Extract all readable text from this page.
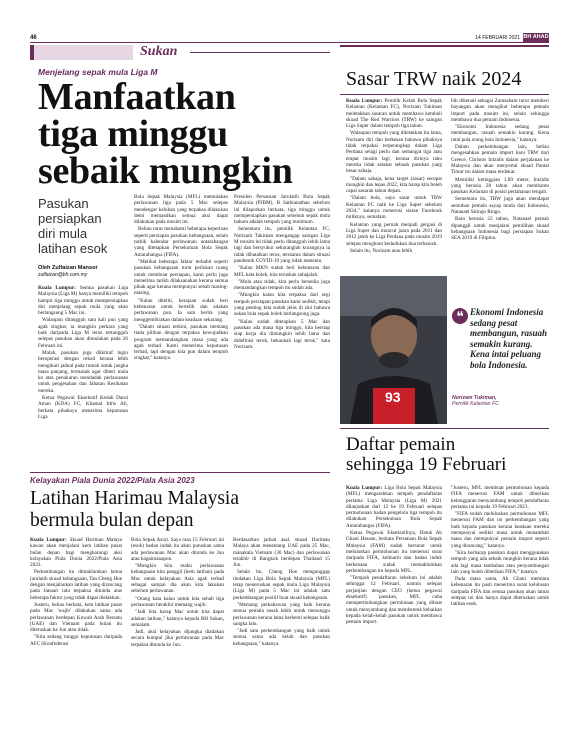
46	14 FEBRUARI 2021 BH AHAD
Sukan
Menjelang sepak mula Liga M
Manfaatkan
tiga minggu
sebaik mungkin
Pasukan
persiapkan
diri mula
latihan esok
Oleh Zulfaizan Mansor
zulfaizan@bh.com.my

Kuala Lumpur: Semua pasukan Liga Malaysia (Liga M) hanya memiliki tempoh hampir tiga minggu untuk mempersiapkan diri menjelang sepak mula yang akan berlangsung 5 Mac ini.

Walaupun ditangguh satu kali pun yang agak singkat, ia mungkin perkara yang baik daripada Liga M terus tertangguh selepas pasukan akan dimulakan pada 26 Februari ini.

Malah, pasukan juga diiktiraf ingin beroperasi dengan rekod kerana lebih mengikuti jadual pada rumah untuk jangka masa panjang, termasuk agar diberi mula ke atas penukaran mendadak perlawanan untuk pengesahan dan Jabatan Kesihatan mereka.

Ketua Pegawai Eksekutif Kedah Darul Aman (KDA) FC, Khamal Idris Ali, berkata pihaknya menerima keputusan Liga

Bola Sepak Malaysia (MFL) memulakan perlawanan liga pada 5 Mac selepas mendengar keluhan yang terpaksa dilakukan demi memastikan semua aksi dapat dilakukan pada musim ini.

Beliau turut menahami beberapa keperluan seperti persiapan pasukan kebangsaan, selain turkik kalendar perlawanan antarabangsa yang ditetapkan Persekutuan Bola Sepak Antarabangsa (FIFA).

"Melihat beberapa faktor terbabit seperti pasukan kebangsaan turut perlukan ruang untuk membuat persiapan, kami perlu juga menerima tarikh dilaksanakan kerana semua pihak agar kerana mempunyai sebab masing-masing.

"Kalau diteliti, kerajaan sudah beri kebenaran untuk bertelih dan adakan perlawanan pun. Ia satu berita yang menggembirakan dalam keadaan sekarang.

"Dalam situasi terkini, pasukan memang tiada pilihan dengan terpaksa kewujudkan program memandangkan masa yang ada agak terhad. Kami menerima keputusan terhad, tapi dengan kita pun dalam tempoh singkat," katanya.

Presiden Persatuan Jurulatih Bola Sepak Malaysia (PJBM), B Sathianathan sebelum ini dilaporkan berkata, tiga minggu untuk mempersiapkan pasukan sebelum sepak mula baharu adalah tempoh yang minimum.

Sementara itu, pemilik Kelantan FC, Norizam Tukiman mengangap saingan Liga M musim ini tidak perlu ditangguh lebih lama lagi dan bersyukur sekuranglah kurangnya ia tidak dibatalkan terus, terutama dalam situasi pandemik COVID-19 yang tidak menentu.

"Kalau MKN sudah beri kebenaran dan MFL kata boleh, kita teruskan sahajalah.

"Mula atau tidak, kita perlu bersedia juga memandangkan tempoh itu sudah ada.

"Mungkin kalau kita terpaksa dari segi tempoh persiapan pasukan kami sedikit, tetapi yang penting kita sudah jelas di sini bahawa sukan bola sepak boleh berlangsung juga.

"Kalau sudah ditetapkan 5 Mac dan pasukan ada masa tiga minggu, kita bersiap siap kerja dia dimungkin lebih lama dan didefinisi teruk, bekankah lagi teruk," kata Norizam.

Sasar TRW naik 2024

Kuala Lumpur: Pemilik Kelab Bola Sepak Kelantan (Kelantan FC), Norizam Tukiman meletakkan sasaran untuk membawa kembali skuad The Red Warriors (TRW) ke saingan Liga Super dalam tempoh tiga tahun.

Walaupun tempoh yang diletakkan itu lama, Norizam diri dan berkesan bahawa pihaknya tidak terpakai terperangkap dalam Liga Perdana selagi perlu dan semangat tiga atau empat musim lagi, kerana dirinya tahu mereka tidak setakat sebuah pasukan yang besar sahaja.

"Dalam sahaja, kena target (sasar) secepat mungkin dan lepas 2022, kita harap kita boleh capai sasaran tahun depan.

"Dalam bola, saya sasar untuk TRW Kelantan FC naik ke Liga Super sebelum 2024," katanya menerusi siaran Facebook miliknya, semalam.

Kelantan yang pernah menjadi gergasi di Liga Super dan muncul juara pada 2011 dan 2012 jatuh ke Liga Perdana pada musim 2019 selepas menghuni kedudukan dua terbawah.

Selain itu, Norizam atau lebih

bih dikenali sebagai Zamsaham turut memberi bayangan akan mengikat beberapa pemain import pada musim ini, selain sehingga membawa dua pemain Indonesia.

"Ekonomi Indonesia sedang pesat membangun, rasuah semakin kurang. Kena intai pula orang bola Indonesia," katanya.

Dalam perkembangan lain, beliau mengesahkan pemain import baru TRW dari Greece, Christos Intzidis dalam perjalanan ke Malaysia dan akan menyertai skuad Pantai Timur itu dalam masa terdekat.

Memiliki ketinggian 1.89 meter, Intzidis yang berusia 28 tahun akan membantu pasukan Kelantan di posisi pertahanan tengah.

Sementara itu, TRW juga akan mendapat sentuhan pemain sayap muda dari Indonesia, Natanael Siringo Ringo.

Baru berusia 22 tahun, Natanael pernah dipanggil untuk menjalani pemilihan skuad kebangsaan Indonesia bagi persiapan Sukan SEA 2019 di Filipina.

93
❝ Ekonomi Indonesia sedang pesat membangun, rasuah semakin kurang. Kena intai peluang bola Indonesia.
Norizam Tukiman,
Pemilik Kelantan FC
Daftar pemain
sehingga 19 Februari

Kuala Lumpur: Liga Bola Sepak Malaysia (MFL) mengarahkan tempoh pendaftaran pertama Liga Malaysia (Liga M) 2021 dilanjutkan dari 12 ke 19 Februari selepas permohonan badan pengelola tiga tempoh itu dilakukan Persekutuan Bola Sepak Antarabangsa (FIFA).

Ketua Pegawai Eksekutifnya, Datuk Ab Ghani Hassan, berkata Persatuan Bola Sepak Malaysia (FAM) sudah bersurat untuk meluluskan permohonan itu menerusi surat daripada FIFA, kelmarin dan badan induk berkenaan sudah memaklumkan perkembangan itu kepada MFL.

"Tempoh pendaftaran sebelum ini adalah sehingga 12 Februari, namun selepas perjanjian dengan CEO (ketua pegawai eksekutif) pasukan, MFL cuba mempertimbangkan permintaan yang dibuat untuk menyambung dan membentuk kebaikan kepada kelab-kelab pasukan untuk membawa pemain import.

"Justeru, MFL membuat permohonan kepada FIFA menerusi FAM untuk diberikan kelonggaran menyambung tempoh pendaftaran pertama ini kepada 19 Februari 2021.

"FIFA sudah meluluskan permohonan MFL menerusi FAM dan ini perkembangan yang baik kepada pasukan kerana keadaan mereka mempunyai sedikit masa untuk menambah masa dan mempunyai pemain import seperti yang dirancang," katanya.

"Kita berharap pasukan dapat menggunakan tempoh yang ada sebaik mungkin kerana tidak ada lagi masa tambahan atau penyambungan lain yang boleh diberikan FIFA," katanya.

Pada masa sama, Ab Ghani meminta kebenaran itu pasti menerima surat kelulusan daripada FIFA dan semua pasukan akan tamat selepas ini dan hanya dapat diteruskan untuk latihan esok.

Kelayakan Piala Dunia 2022/Piala Asia 2023
Latihan Harimau Malaysia
bermula bulan depan

Kuala Lumpur: Skuad Harimau Malaya kawan akan menjalani kem latihan pusat bulan depan bagi mengharungi aksi kelayakan Piala Dunia 2022/Piala Asia 2023.

Perkembangan itu dimaklumkan ketua jurulatih skuad kebangsaan, Tan Cheng Hoe dengan menjalankan latihan yang dirancang pada Januari lalu terpaksa ditunda atas beberapa faktor yang tidak dapat dielakkan.

Justeru, beliau berkata, kem latihan pusat pada Mac 'wajib' dilakukan sama ada perlawanan berdepan Kuwait Arab Bersatu (UAE) dan Vietnam pada bulan itu diteruskan ke Jun atau tidak.

"Kita sedang tunggu keputusan daripada AFC (Konfederasi

Bola Sepak Asia). Saya rasa 15 Februari ini (esok) badan induk itu akan putuskan sama ada perlawanan Mac akan ditunda ke Jun atau bagaimanapun.

"Mungkin kita mahu perlawanan kebangsaan kita panggil (kem latihan) pada Mac untuk kelayakan Asia agak terhad sebagai sampai dia akan kita lakukan sebelum perlawanan.

"Orang kata kalau untuk kita sebab tiga perlawanan berakhir memang wajib.

"Jadi kita harap Mac untuk kita dapat adakan latihan," katanya kepada BH Sukan, semalam.

Jadi, aksi kelayakan dijangka diadakan secara kumpul jika perlawanan pada Mac terpaksa ditunda ke Jun.

Berdasarkan jadual asal, skuad Harimau Malaya akan menentang UAE pada 25 Mac, manakala Vietnam (30 Mac) dan perlawanan terakhir di Bangkok berdepan Thailand 15 Jun.

Selain itu, Cheng Hoe mengunggap tindakan Liga Bola Sepak Malaysia (MFL) tetap meneruskan sepak mula Liga Malaysia (Liga M) pada 5 Mac ini adalah satu perkembangan positif buat skuad kebangsaan.

"Memang perkahawan yang baik kerana semua pemain susah lebih untuk menunggu perlawanan kerana lama berhenti selepas balik sangka lalu.

"Jadi satu perkembangan yang baik untuk semua sama ada kelab dan pasukan kebangsaan," katanya.
